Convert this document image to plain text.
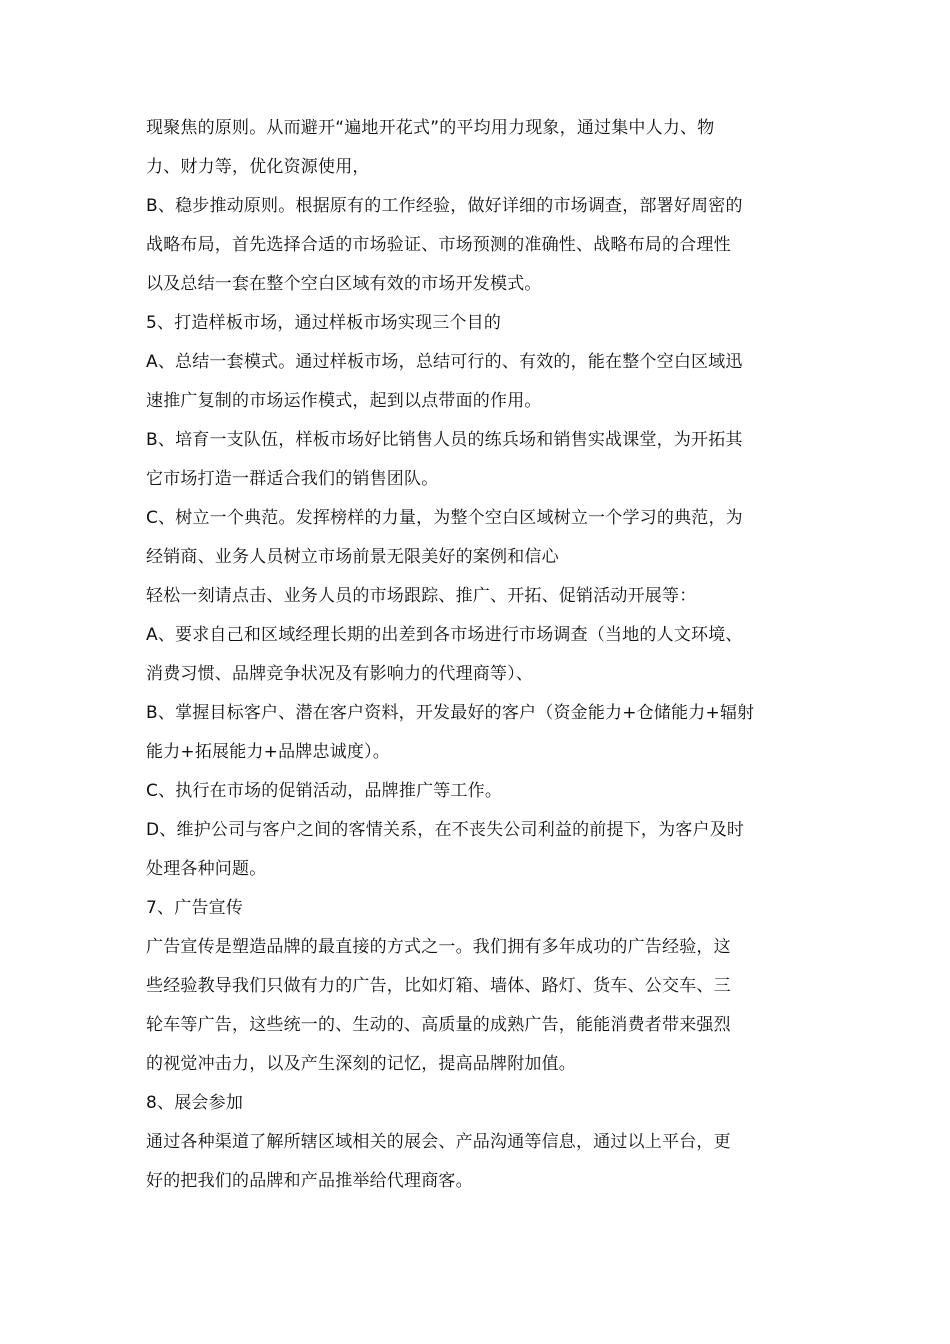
现聚焦的原则。从而避开“遍地开花式”的平均用力现象，通过集中人力、物
力、财力等，优化资源使用，
B、稳步推动原则。根据原有的工作经验，做好详细的市场调查，部署好周密的
战略布局，首先选择合适的市场验证、市场预测的准确性、战略布局的合理性
以及总结一套在整个空白区域有效的市场开发模式。
5、打造样板市场，通过样板市场实现三个目的
A、总结一套模式。通过样板市场，总结可行的、有效的，能在整个空白区域迅
速推广复制的市场运作模式，起到以点带面的作用。
B、培育一支队伍，样板市场好比销售人员的练兵场和销售实战课堂，为开拓其
它市场打造一群适合我们的销售团队。
C、树立一个典范。发挥榜样的力量，为整个空白区域树立一个学习的典范，为
经销商、业务人员树立市场前景无限美好的案例和信心
轻松一刻请点击、业务人员的市场跟踪、推广、开拓、促销活动开展等：
A、要求自己和区域经理长期的出差到各市场进行市场调查（当地的人文环境、
消费习惯、品牌竞争状况及有影响力的代理商等）、
B、掌握目标客户、潜在客户资料，开发最好的客户（资金能力+仓储能力+辐射
能力+拓展能力+品牌忠诚度）。
C、执行在市场的促销活动，品牌推广等工作。
D、维护公司与客户之间的客情关系，在不丧失公司利益的前提下，为客户及时
处理各种问题。
7、广告宣传
广告宣传是塑造品牌的最直接的方式之一。我们拥有多年成功的广告经验，这
些经验教导我们只做有力的广告，比如灯箱、墙体、路灯、货车、公交车、三
轮车等广告，这些统一的、生动的、高质量的成熟广告，能能消费者带来强烈
的视觉冲击力，以及产生深刻的记忆，提高品牌附加值。
8、展会参加
通过各种渠道了解所辖区域相关的展会、产品沟通等信息，通过以上平台，更
好的把我们的品牌和产品推举给代理商客。
